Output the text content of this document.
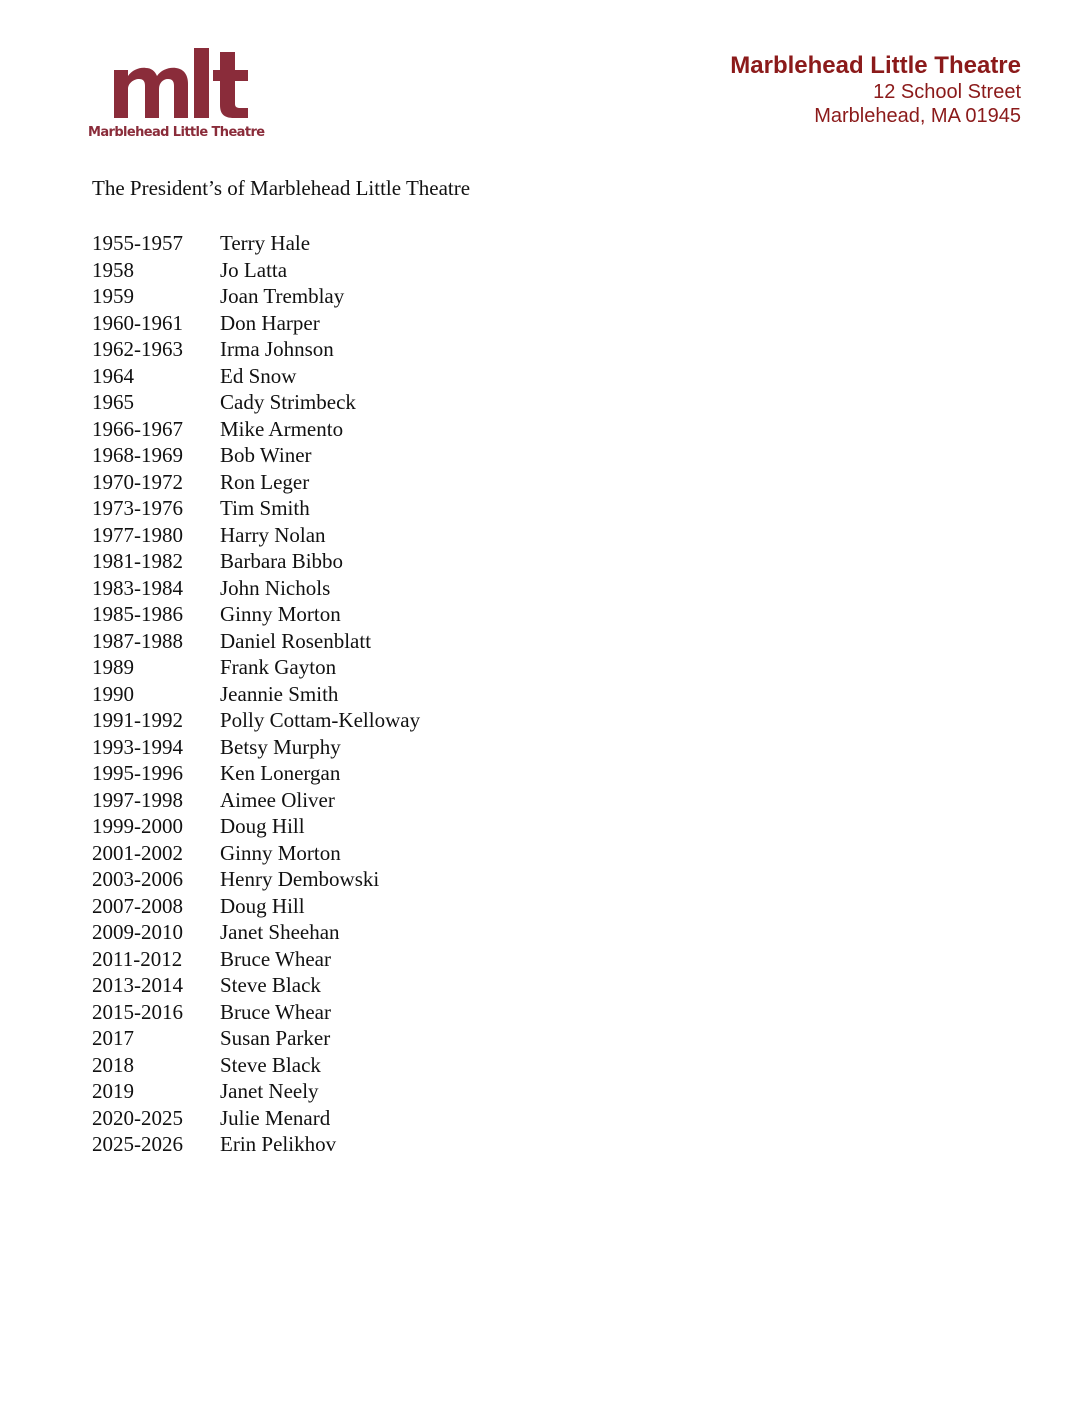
Marblehead Little Theatre
Marblehead Little Theatre
12 School Street
Marblehead, MA 01945
The President’s of Marblehead Little Theatre
1955-1957 Terry Hale
1958	Jo Latta
1959	Joan Tremblay
1960-1961 Don Harper
1962-1963 Irma Johnson
1964	Ed Snow
1965	Cady Strimbeck
1966-1967 Mike Armento
1968-1969 Bob Winer
1970-1972 Ron Leger
1973-1976 Tim Smith
1977-1980 Harry Nolan
1981-1982 Barbara Bibbo
1983-1984 John Nichols
1985-1986 Ginny Morton
1987-1988 Daniel Rosenblatt
1989	Frank Gayton
1990	Jeannie Smith
1991-1992 Polly Cottam-Kelloway
1993-1994 Betsy Murphy
1995-1996 Ken Lonergan
1997-1998 Aimee Oliver
1999-2000 Doug Hill
2001-2002 Ginny Morton
2003-2006 Henry Dembowski
2007-2008 Doug Hill
2009-2010 Janet Sheehan
2011-2012 Bruce Whear
2013-2014 Steve Black
2015-2016 Bruce Whear
2017	Susan Parker
2018	Steve Black
2019	Janet Neely
2020-2025 Julie Menard
2025-2026 Erin Pelikhov
